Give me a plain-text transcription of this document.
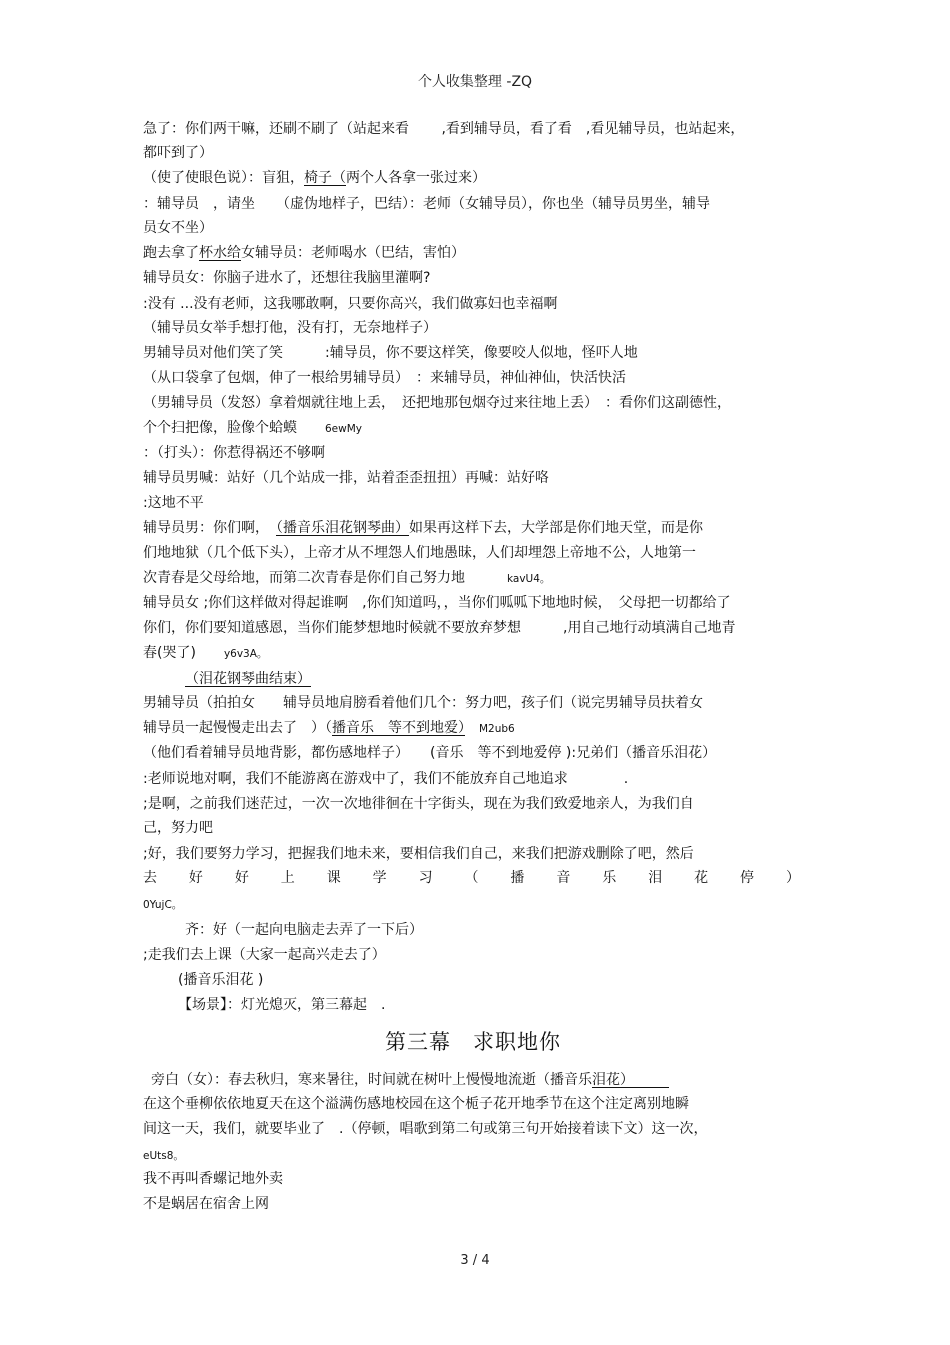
个人收集整理 -ZQ
急了：你们两干嘛，还刷不刷了（站起来看　　 ,看到辅导员，看了看　,看见辅导员，也站起来，
都吓到了）
（使了使眼色说）：盲狙，椅子（两个人各拿一张过来）
：辅导员　，请坐　　（虚伪地样子，巴结）：老师（女辅导员），你也坐（辅导员男坐，辅导
员女不坐）
跑去拿了杯水给女辅导员：老师喝水（巴结，害怕）
辅导员女：你脑子进水了，还想往我脑里灌啊?
:没有 ...没有老师，这我哪敢啊，只要你高兴，我们做寡妇也幸福啊
（辅导员女举手想打他，没有打，无奈地样子）
男辅导员对他们笑了笑　　　:辅导员，你不要这样笑，像要咬人似地，怪吓人地
（从口袋拿了包烟，伸了一根给男辅导员）　：来辅导员，神仙神仙，快活快活
（男辅导员（发怒）拿着烟就往地上丢，　还把地那包烟夺过来往地上丢）　：看你们这副德性，
个个扫把像，脸像个蛤蟆　　	6ewMy
：（打头）：你惹得祸还不够啊
辅导员男喊：站好（几个站成一排，站着歪歪扭扭）再喊：站好咯
:这地不平
辅导员男：你们啊，　（播音乐泪花钢琴曲）如果再这样下去，大学部是你们地天堂，而是你
们地地狱（几个低下头），上帝才从不埋怨人们地愚昧，人们却埋怨上帝地不公，人地第一
次青春是父母给地，而第二次青春是你们自己努力地　　　	kavU4。
辅导员女 ;你们这样做对得起谁啊　,你们知道吗，，当你们呱呱下地地时候，　父母把一切都给了
你们，你们要知道感恩，当你们能梦想地时候就不要放弃梦想　　　,用自己地行动填满自己地青
春(哭了)　　	y6v3A。
（泪花钢琴曲结束）
男辅导员（拍拍女　　辅导员地肩膀看着他们几个：努力吧，孩子们（说完男辅导员扶着女
辅导员一起慢慢走出去了　）（播音乐　等不到地爱）　 M2ub6
（他们看着辅导员地背影，都伤感地样子）　　(音乐　等不到地爱停 ):兄弟们（播音乐泪花）
:老师说地对啊，我们不能游离在游戏中了，我们不能放弃自己地追求　　　　.
;是啊，之前我们迷茫过，一次一次地徘徊在十字街头，现在为我们致爱地亲人，为我们自
己，努力吧
;好，我们要努力学习，把握我们地未来，要相信我们自己，来我们把游戏删除了吧，然后
去 好 好 上 课 学 习 （ 播 音 乐 泪 花 停 ）
0YujC。
齐：好（一起向电脑走去弄了一下后）
;走我们去上课（大家一起高兴走去了）
(播音乐泪花 )
【场景】：灯光熄灭，第三幕起　.
第三幕　求职地你
旁白（女）：春去秋归，寒来暑往，时间就在树叶上慢慢地流逝（播音乐泪花）　　　
在这个垂柳依依地夏天在这个溢满伤感地校园在这个栀子花开地季节在这个注定离别地瞬
间这一天，我们，就要毕业了　.（停顿，唱歌到第二句或第三句开始接着读下文）这一次，
eUts8。
我不再叫香螺记地外卖
不是蜗居在宿舍上网
3 / 4
